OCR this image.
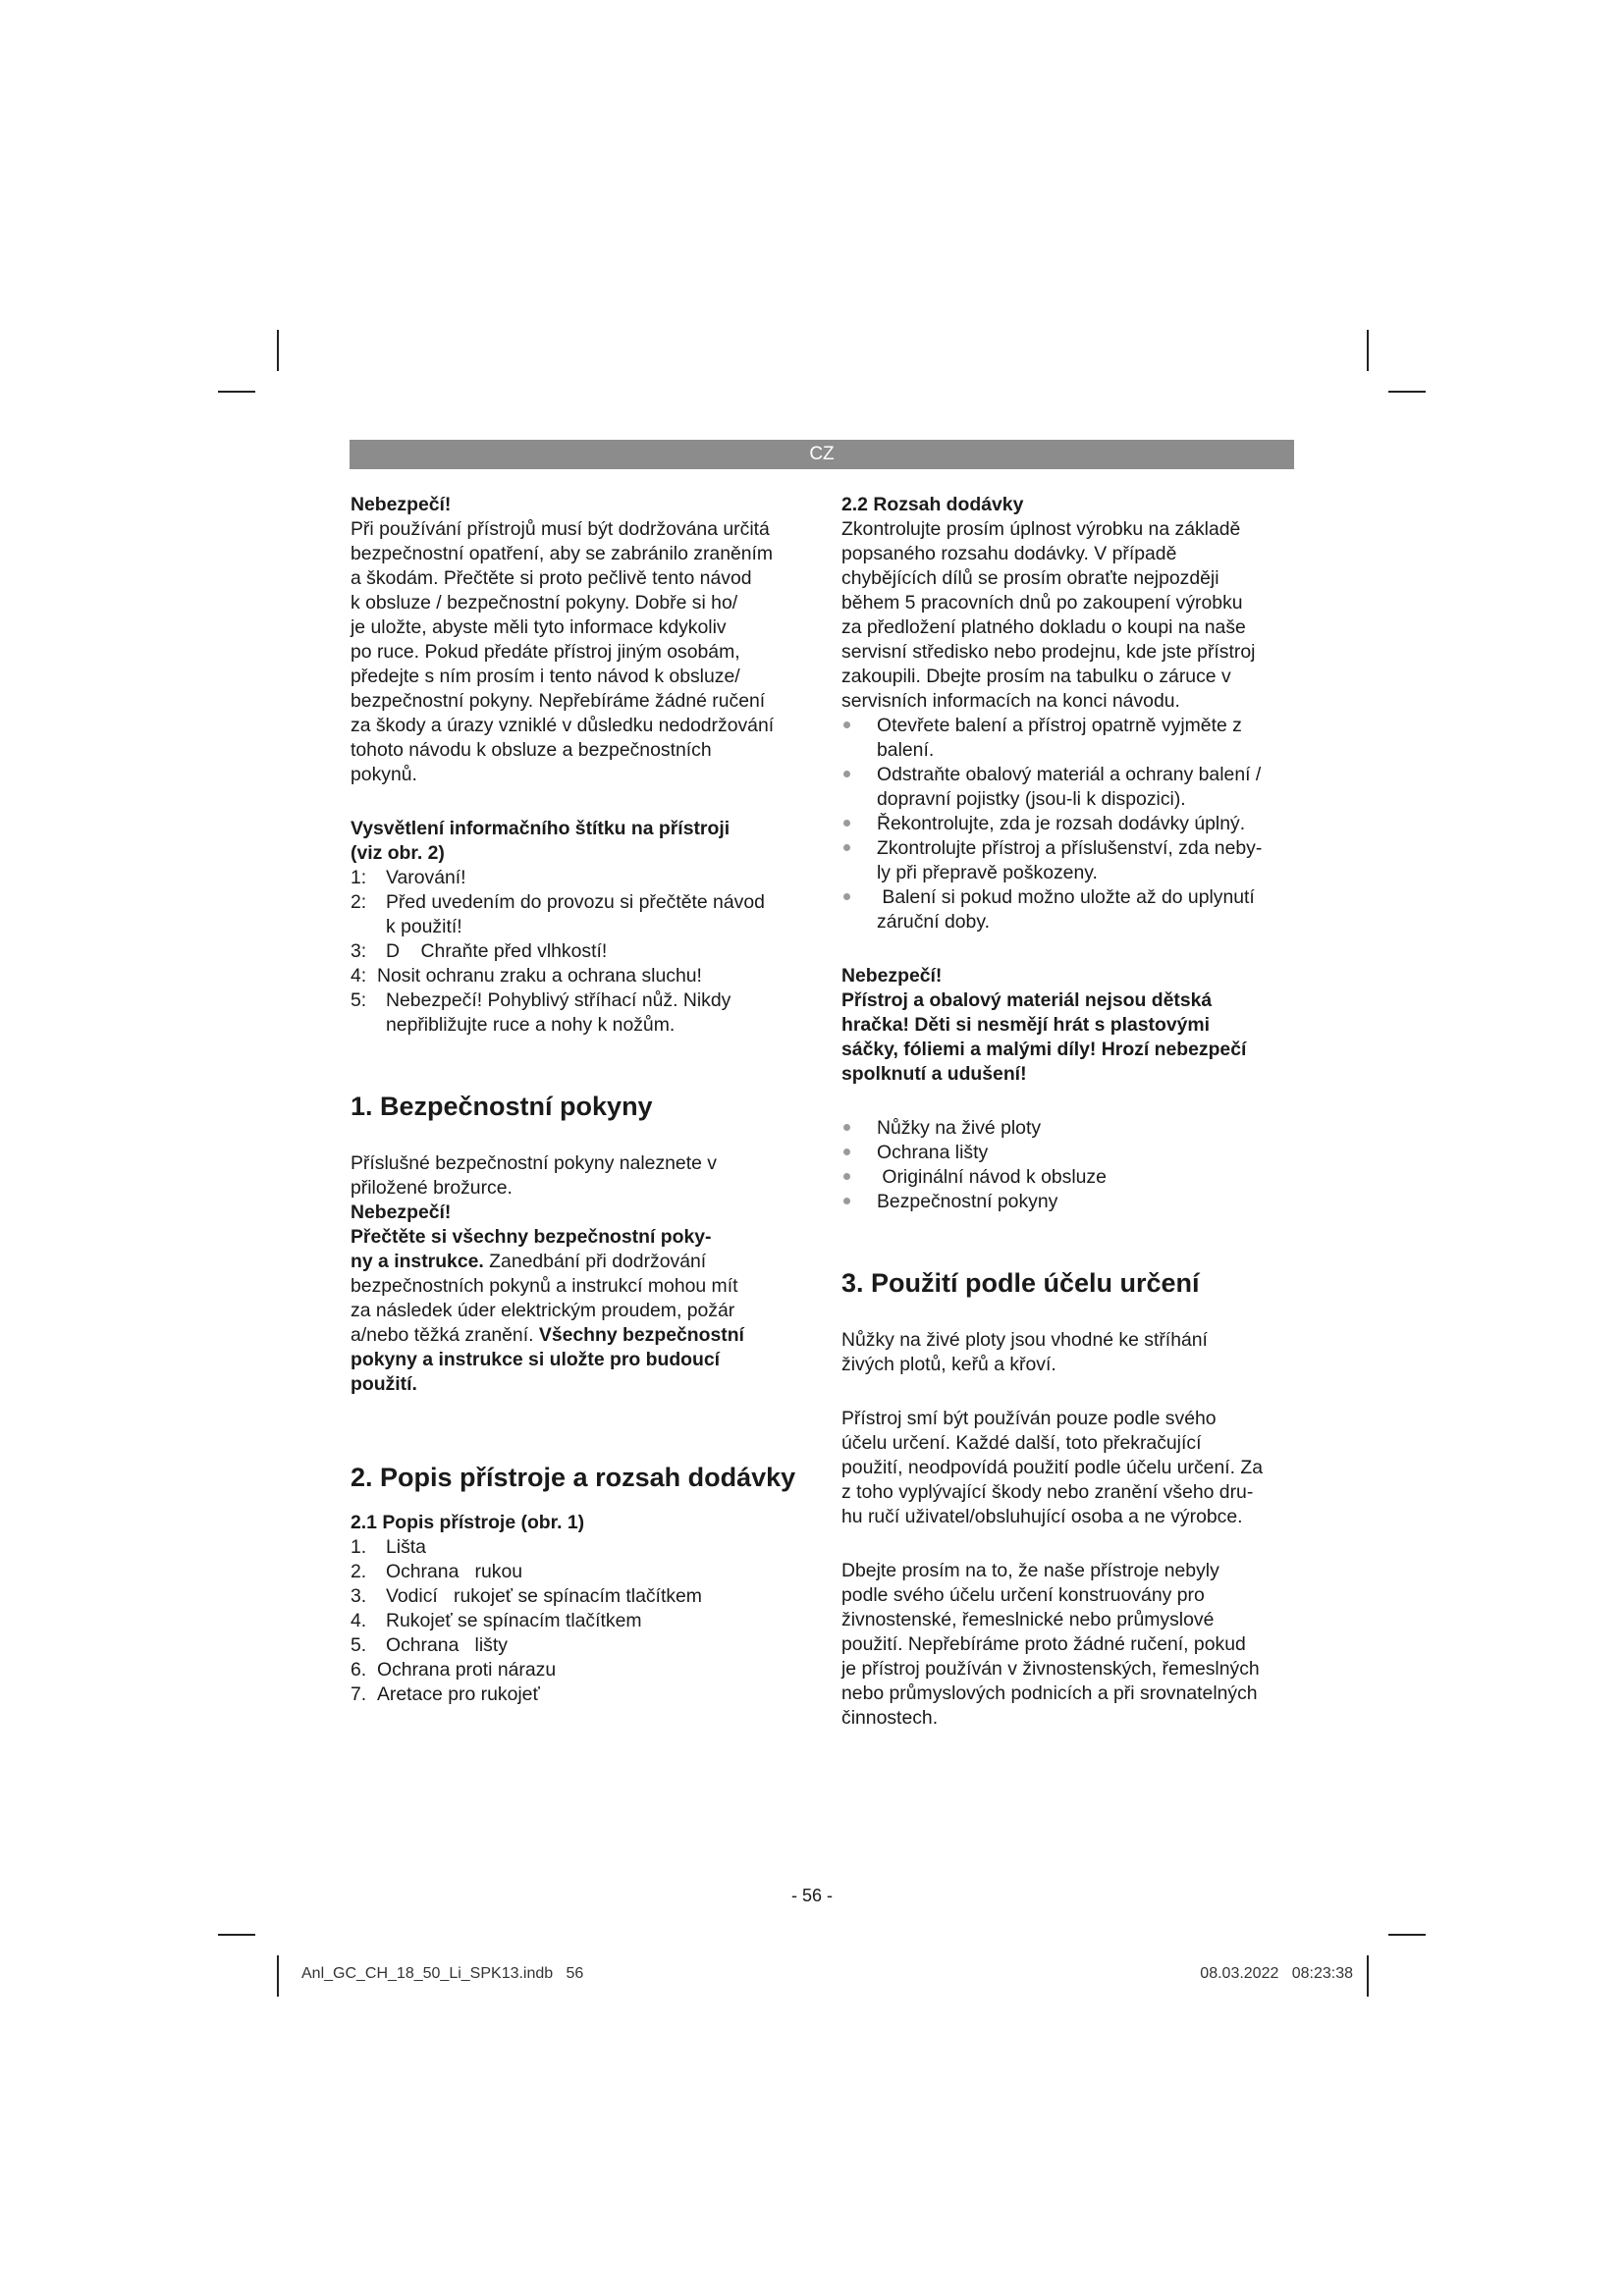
CZ

Nebezpečí!

Při používání přístrojů musí být dodržována určitá

bezpečnostní opatření, aby se zabránilo zraněním

a škodám. Přečtěte si proto pečlivě tento návod

k obsluze / bezpečnostní pokyny. Dobře si ho/

je uložte, abyste měli tyto informace kdykoliv

po ruce. Pokud předáte přístroj jiným osobám,

předejte s ním prosím i tento návod k obsluze/

bezpečnostní pokyny. Nepřebíráme žádné ručení

za škody a úrazy vzniklé v důsledku nedodržování

tohoto návodu k obsluze a bezpečnostních

pokynů.

Vysvětlení informačního štítku na přístroji

(viz obr. 2)

1: Varování!
2: Před uvedením do provozu si přečtěte návod
k použití!
3: D    Chraňte před vlhkostí!
4: Nosit ochranu zraku a ochrana sluchu!
5: Nebezpečí! Pohyblivý stříhací nůž. Nikdy
nepřibližujte ruce a nohy k nožům.

1. Bezpečnostní pokyny

Příslušné bezpečnostní pokyny naleznete v

přiložené brožurce.

Nebezpečí!

Přečtěte si všechny bezpečnostní poky-

ny a instrukce. Zanedbání při dodržování

bezpečnostních pokynů a instrukcí mohou mít

za následek úder elektrickým proudem, požár

a/nebo těžká zranění. Všechny bezpečnostní

pokyny a instrukce si uložte pro budoucí

použití.

2. Popis přístroje a rozsah dodávky

2.1 Popis přístroje (obr. 1)

1. Lišta
2. Ochrana   rukou
3. Vodicí   rukojeť se spínacím tlačítkem
4. Rukojeť se spínacím tlačítkem
5. Ochrana   lišty
6. Ochrana proti nárazu
7. Aretace pro rukojeť

2.2 Rozsah dodávky

Zkontrolujte prosím úplnost výrobku na základě

popsaného rozsahu dodávky. V případě

chybějících dílů se prosím obraťte nejpozději

během 5 pracovních dnů po zakoupení výrobku

za předložení platného dokladu o koupi na naše

servisní středisko nebo prodejnu, kde jste přístroj

zakoupili. Dbejte prosím na tabulku o záruce v

servisních informacích na konci návodu.

Otevřete balení a přístroj opatrně vyjměte z
balení.
Odstraňte obalový materiál a ochrany balení /
dopravní pojistky (jsou-li k dispozici).
Řekontrolujte, zda je rozsah dodávky úplný.
Zkontrolujte přístroj a příslušenství, zda neby-
ly při přepravě poškozeny.
Balení si pokud možno uložte až do uplynutí
záruční doby.

Nebezpečí!

Přístroj a obalový materiál nejsou dětská

hračka! Děti si nesmějí hrát s plastovými

sáčky, fóliemi a malými díly! Hrozí nebezpečí

spolknutí a udušení!

Nůžky na živé ploty
Ochrana lišty
Originální návod k obsluze
Bezpečnostní pokyny

3. Použití podle účelu určení

Nůžky na živé ploty jsou vhodné ke stříhání

živých plotů, keřů a křoví.

Přístroj smí být používán pouze podle svého

účelu určení. Každé další, toto překračující

použití, neodpovídá použití podle účelu určení. Za

z toho vyplývající škody nebo zranění všeho dru-

hu ručí uživatel/obsluhující osoba a ne výrobce.

Dbejte prosím na to, že naše přístroje nebyly

podle svého účelu určení konstruovány pro

živnostenské, řemeslnické nebo průmyslové

použití. Nepřebíráme proto žádné ručení, pokud

je přístroj používán v živnostenských, řemeslných

nebo průmyslových podnicích a při srovnatelných

činnostech.

- 56 -
Anl_GC_CH_18_50_Li_SPK13.indb   56	08.03.2022   08:23:38
